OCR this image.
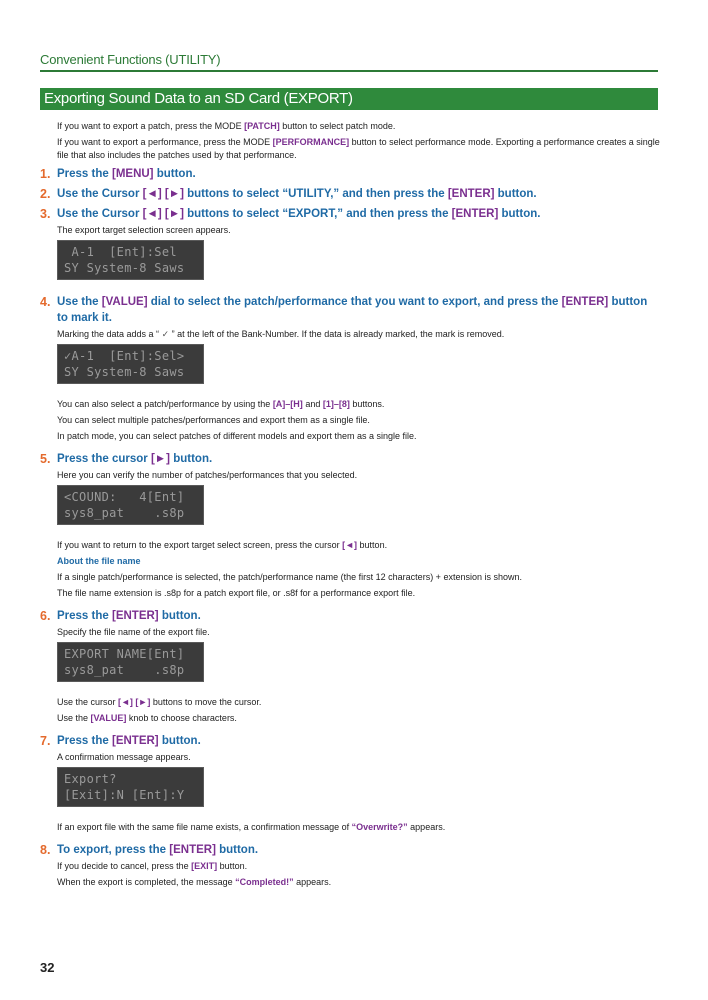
Convenient Functions (UTILITY)
Exporting Sound Data to an SD Card (EXPORT)

If you want to export a patch, press the MODE [PATCH] button to select patch mode.

If you want to export a performance, press the MODE [PERFORMANCE] button to select performance mode. Exporting a performance creates a single file that also includes the patches used by that performance.

1. Press the [MENU] button.
2. Use the Cursor [◄] [►] buttons to select “UTILITY,” and then press the [ENTER] button.
3. Use the Cursor [◄] [►] buttons to select “EXPORT,” and then press the [ENTER] button.

The export target selection screen appears.

A-1  [Ent]:Sel
SY System-8 Saws
4. Use the [VALUE] dial to select the patch/performance that you want to export, and press the [ENTER] button to mark it.

Marking the data adds a “ ✓ ” at the left of the Bank-Number. If the data is already marked, the mark is removed.

✓A-1  [Ent]:Sel>
SY System-8 Saws

You can also select a patch/performance by using the [A]–[H] and [1]–[8] buttons.

You can select multiple patches/performances and export them as a single file.

In patch mode, you can select patches of different models and export them as a single file.

5. Press the cursor [►] button.

Here you can verify the number of patches/performances that you selected.

<COUND:   4[Ent]
sys8_pat    .s8p

If you want to return to the export target select screen, press the cursor [◄] button.

About the file name

If a single patch/performance is selected, the patch/performance name (the first 12 characters) + extension is shown.

The file name extension is .s8p for a patch export file, or .s8f for a performance export file.

6. Press the [ENTER] button.

Specify the file name of the export file.

EXPORT NAME[Ent]
sys8_pat    .s8p

Use the cursor [◄] [►] buttons to move the cursor.

Use the [VALUE] knob to choose characters.

7. Press the [ENTER] button.

A confirmation message appears.

Export?
[Exit]:N [Ent]:Y

If an export file with the same file name exists, a confirmation message of “Overwrite?” appears.

8. To export, press the [ENTER] button.

If you decide to cancel, press the [EXIT] button.

When the export is completed, the message “Completed!” appears.

32
